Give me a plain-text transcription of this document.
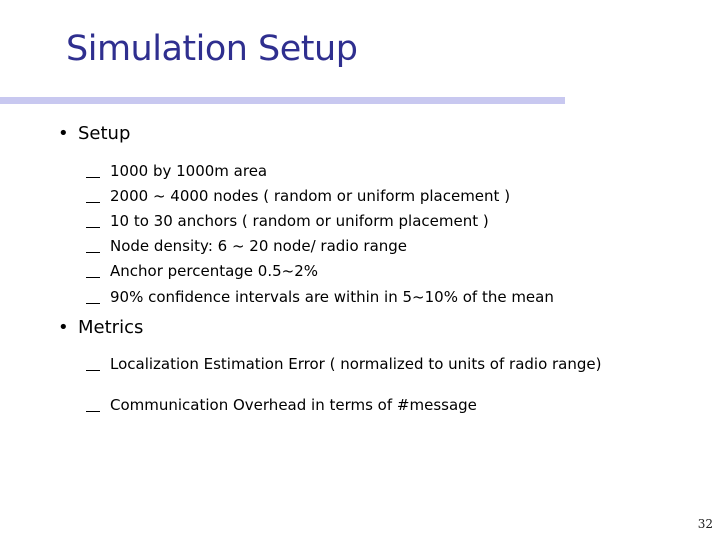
Simulation Setup
• Setup
1000 by 1000m area
2000 ~ 4000 nodes ( random or uniform placement )
10 to 30 anchors ( random or uniform placement )
Node density: 6 ~ 20 node/ radio range
Anchor percentage 0.5~2%
90% confidence intervals are within in 5~10% of the mean
• Metrics
Localization Estimation Error ( normalized to units of radio range)
Communication Overhead in terms of #message
32
